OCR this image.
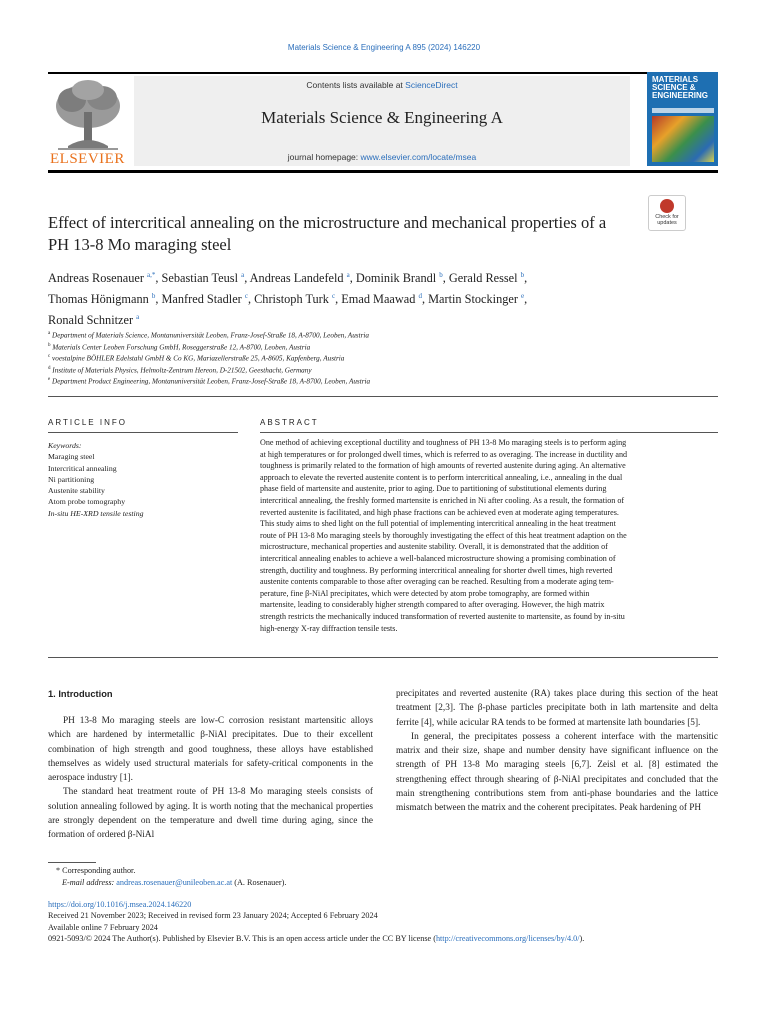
Materials Science & Engineering A 895 (2024) 146220
ELSEVIER
Contents lists available at ScienceDirect
Materials Science & Engineering A
journal homepage: www.elsevier.com/locate/msea
MATERIALS SCIENCE & ENGINEERING
Effect of intercritical annealing on the microstructure and mechanical properties of a PH 13-8 Mo maraging steel
Check for updates
Andreas Rosenauer $^{a,*}$, Sebastian Teusl $^a$, Andreas Landefeld $^a$, Dominik Brandl $^b$, Gerald Ressel $^b$,
Thomas Hönigmann $^b$, Manfred Stadler $^c$, Christoph Turk $^c$, Emad Maawad $^d$, Martin Stockinger $^e$,
Ronald Schnitzer $^a$
$^a$ Department of Materials Science, Montanuniversität Leoben, Franz-Josef-Straße 18, A-8700, Leoben, Austria
$^b$ Materials Center Leoben Forschung GmbH, Roseggerstraße 12, A-8700, Leoben, Austria
$^c$ voestalpine BÖHLER Edelstahl GmbH & Co KG, Mariazellerstraße 25, A-8605, Kapfenberg, Austria
$^d$ Institute of Materials Physics, Helmoltz-Zentrum Hereon, D-21502, Geesthacht, Germany
$^e$ Department Product Engineering, Montanuniversität Leoben, Franz-Josef-Straße 18, A-8700, Leoben, Austria
ARTICLE INFO	ABSTRACT
Keywords:
Maraging steel
Intercritical annealing
Ni partitioning
Austenite stability
Atom probe tomography
In-situ HE-XRD tensile testing
One method of achieving exceptional ductility and toughness of PH 13-8 Mo maraging steels is to perform aging
at high temperatures or for prolonged dwell times, which is referred to as overaging. The increase in ductility and
toughness is primarily related to the formation of high amounts of reverted austenite during aging. An alternative
approach to elevate the reverted austenite content is to perform intercritical annealing, i.e., annealing in the dual
phase field of martensite and austenite, prior to aging. Due to partitioning of substitutional elements during
intercritical annealing, the freshly formed martensite is enriched in Ni after cooling. As a result, the formation of
reverted austenite is facilitated, and high phase fractions can be achieved even at moderate aging temperatures.
This study aims to shed light on the full potential of implementing intercritical annealing in the heat treatment
route of PH 13-8 Mo maraging steels by thoroughly investigating the effect of this heat treatment adaption on the
microstructure, mechanical properties and austenite stability. Overall, it is demonstrated that the addition of
intercritical annealing enables to achieve a well-balanced microstructure showing a promising combination of
strength, ductility and toughness. By performing intercritical annealing for shorter dwell times, high reverted
austenite contents comparable to those after overaging can be reached. Resulting from a moderate aging tem-
perature, fine β-NiAl precipitates, which were detected by atom probe tomography, are formed within
martensite, leading to considerably higher strength compared to after overaging. However, the high matrix
strength restricts the mechanically induced transformation of reverted austenite to martensite, as found by in-situ
high-energy X-ray diffraction tensile tests.
1. Introduction

PH 13-8 Mo maraging steels are low-C corrosion resistant martensitic alloys which are hardened by intermetallic β-NiAl precipitates. Due to their excellent combination of high strength and good toughness, these alloys have established themselves as widely used structural materials for safety-critical components in the aerospace industry [1].

The standard heat treatment route of PH 13-8 Mo maraging steels consists of solution annealing followed by aging. It is worth noting that the mechanical properties are strongly dependent on the temperature and dwell time during aging, since the formation of ordered β-NiAl

precipitates and reverted austenite (RA) takes place during this section of the heat treatment [2,3]. The β-phase particles precipitate both in lath martensite and delta ferrite [4], while acicular RA tends to be formed at martensite lath boundaries [5].

In general, the precipitates possess a coherent interface with the martensitic matrix and their size, shape and number density have significant influence on the strength of PH 13-8 Mo maraging steels [6,7]. Zeisl et al. [8] estimated the strengthening effect through shearing of β-NiAl precipitates and concluded that the main strengthening contributions stem from anti-phase boundaries and the lattice mismatch between the matrix and the coherent precipitates. Peak hardening of PH

* Corresponding author.
E-mail address: andreas.rosenauer@unileoben.ac.at (A. Rosenauer).
https://doi.org/10.1016/j.msea.2024.146220
Received 21 November 2023; Received in revised form 23 January 2024; Accepted 6 February 2024
Available online 7 February 2024
0921-5093/© 2024 The Author(s). Published by Elsevier B.V. This is an open access article under the CC BY license (http://creativecommons.org/licenses/by/4.0/).
